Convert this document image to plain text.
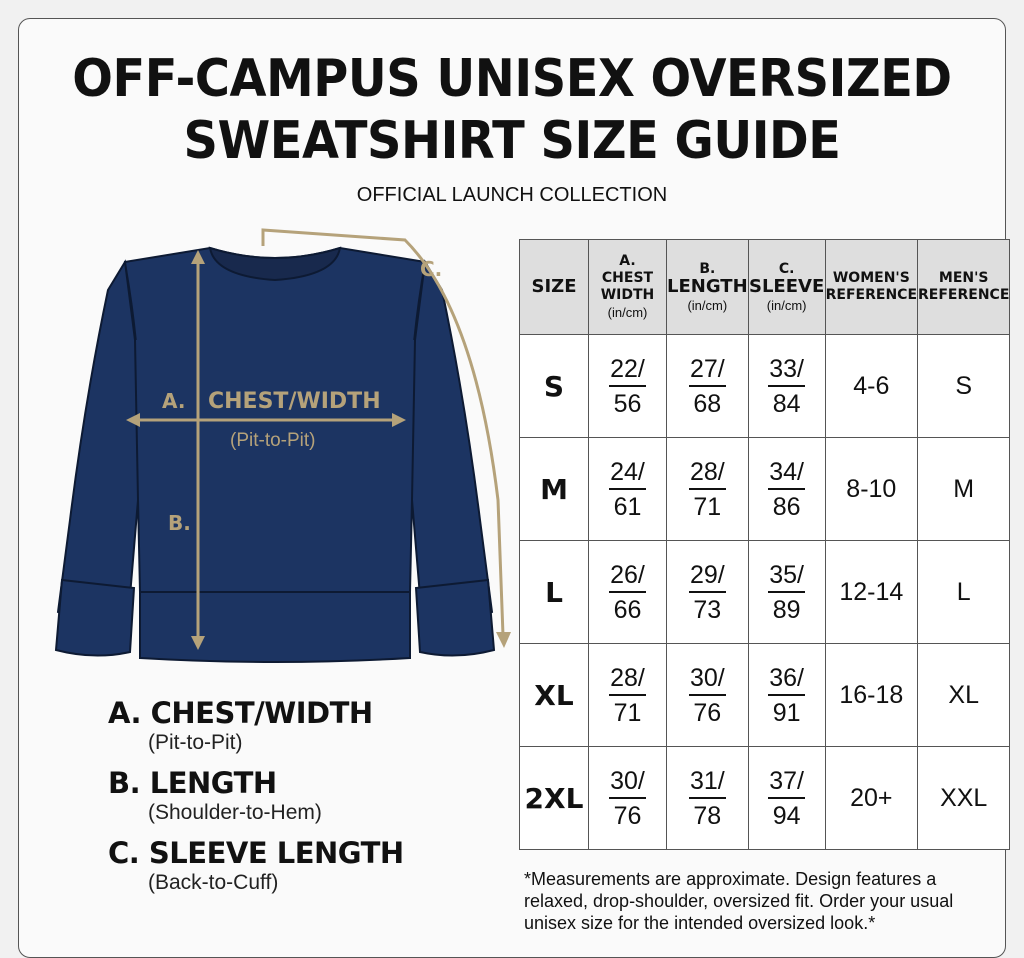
OFF-CAMPUS UNISEX OVERSIZED
SWEATSHIRT SIZE GUIDE
OFFICIAL LAUNCH COLLECTION
A. CHEST/WIDTH
(Pit-to-Pit)
B.
C.
A. CHEST/WIDTH
(Pit-to-Pit)
B. LENGTH
(Shoulder-to-Hem)
C. SLEEVE LENGTH
(Back-to-Cuff)
SIZE	A.
CHEST
WIDTH
(in/cm)	B.
LENGTH
(in/cm)	C.
SLEEVE
(in/cm)	WOMEN'S
REFERENCE	MEN'S
REFERENCE
S	$\frac{22/}{56}$	$\frac{27/}{68}$	$\frac{33/}{84}$	4-6	S
M	$\frac{24/}{61}$	$\frac{28/}{71}$	$\frac{34/}{86}$	8-10	M
L	$\frac{26/}{66}$	$\frac{29/}{73}$	$\frac{35/}{89}$	12-14	L
XL	$\frac{28/}{71}$	$\frac{30/}{76}$	$\frac{36/}{91}$	16-18	XL
2XL	$\frac{30/}{76}$	$\frac{31/}{78}$	$\frac{37/}{94}$	20+	XXL
*Measurements are approximate. Design features a relaxed, drop-shoulder, oversized fit. Order your usual unisex size for the intended oversized look.*
